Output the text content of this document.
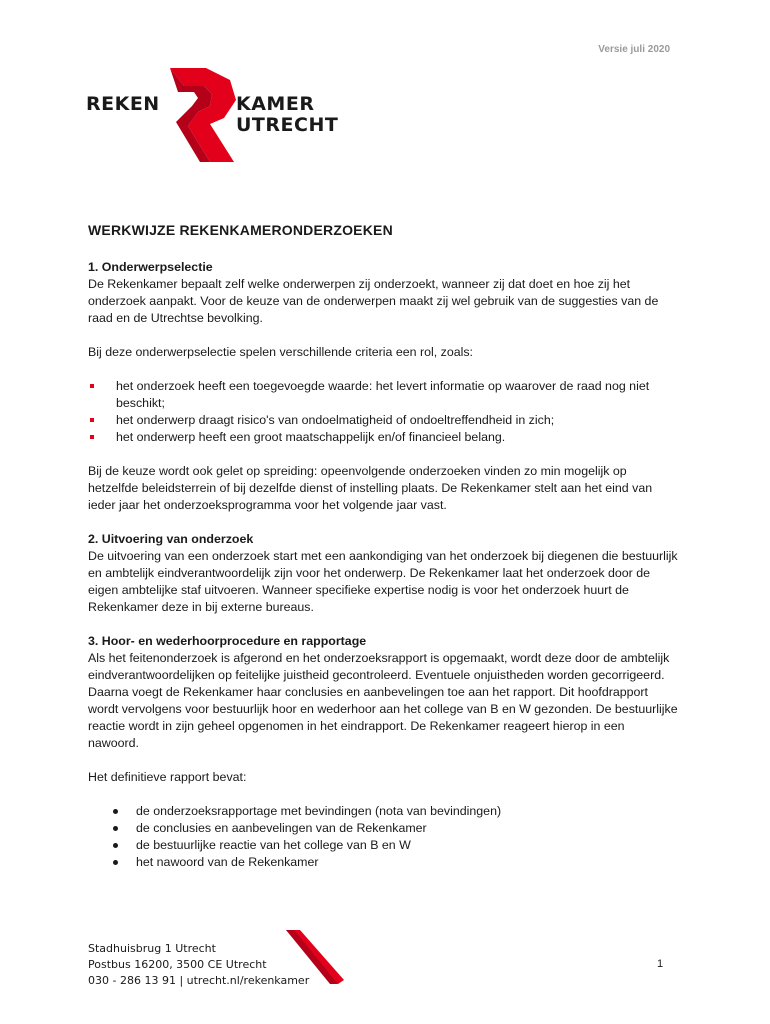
Versie juli 2020
REKEN	KAMER
UTRECHT
WERKWIJZE REKENKAMERONDERZOEKEN
1. Onderwerpselectie

De Rekenkamer bepaalt zelf welke onderwerpen zij onderzoekt, wanneer zij dat doet en hoe zij het onderzoek aanpakt. Voor de keuze van de onderwerpen maakt zij wel gebruik van de suggesties van de raad en de Utrechtse bevolking.

Bij deze onderwerpselectie spelen verschillende criteria een rol, zoals:

het onderzoek heeft een toegevoegde waarde: het levert informatie op waarover de raad nog niet beschikt;
het onderwerp draagt risico's van ondoelmatigheid of ondoeltreffendheid in zich;
het onderwerp heeft een groot maatschappelijk en/of financieel belang.

Bij de keuze wordt ook gelet op spreiding: opeenvolgende onderzoeken vinden zo min mogelijk op hetzelfde beleidsterrein of bij dezelfde dienst of instelling plaats. De Rekenkamer stelt aan het eind van ieder jaar het onderzoeksprogramma voor het volgende jaar vast.

2. Uitvoering van onderzoek

De uitvoering van een onderzoek start met een aankondiging van het onderzoek bij diegenen die bestuurlijk en ambtelijk eindverantwoordelijk zijn voor het onderwerp. De Rekenkamer laat het onderzoek door de eigen ambtelijke staf uitvoeren. Wanneer specifieke expertise nodig is voor het onderzoek huurt de Rekenkamer deze in bij externe bureaus.

3. Hoor- en wederhoorprocedure en rapportage

Als het feitenonderzoek is afgerond en het onderzoeksrapport is opgemaakt, wordt deze door de ambtelijk eindverantwoordelijken op feitelijke juistheid gecontroleerd. Eventuele onjuistheden worden gecorrigeerd. Daarna voegt de Rekenkamer haar conclusies en aanbevelingen toe aan het rapport. Dit hoofdrapport wordt vervolgens voor bestuurlijk hoor en wederhoor aan het college van B en W gezonden. De bestuurlijke reactie wordt in zijn geheel opgenomen in het eindrapport. De Rekenkamer reageert hierop in een nawoord.

Het definitieve rapport bevat:

de onderzoeksrapportage met bevindingen (nota van bevindingen)
de conclusies en aanbevelingen van de Rekenkamer
de bestuurlijke reactie van het college van B en W
het nawoord van de Rekenkamer
Stadhuisbrug 1 Utrecht
Postbus 16200, 3500 CE Utrecht
030 - 286 13 91 | utrecht.nl/rekenkamer
1
